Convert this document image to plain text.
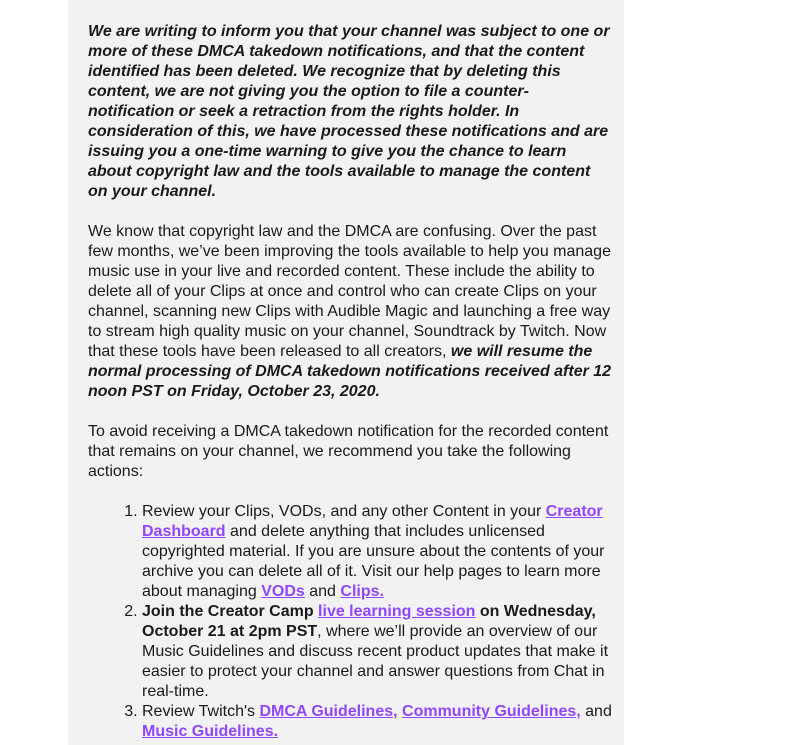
We are writing to inform you that your channel was subject to one or more of these DMCA takedown notifications, and that the content identified has been deleted. We recognize that by deleting this content, we are not giving you the option to file a counter-notification or seek a retraction from the rights holder. In consideration of this, we have processed these notifications and are issuing you a one-time warning to give you the chance to learn about copyright law and the tools available to manage the content on your channel.

We know that copyright law and the DMCA are confusing. Over the past few months, we’ve been improving the tools available to help you manage music use in your live and recorded content. These include the ability to delete all of your Clips at once and control who can create Clips on your channel, scanning new Clips with Audible Magic and launching a free way to stream high quality music on your channel, Soundtrack by Twitch. Now that these tools have been released to all creators, we will resume the normal processing of DMCA takedown notifications received after 12 noon PST on Friday, October 23, 2020.

To avoid receiving a DMCA takedown notification for the recorded content that remains on your channel, we recommend you take the following actions:

1. Review your Clips, VODs, and any other Content in your Creator Dashboard and delete anything that includes unlicensed copyrighted material. If you are unsure about the contents of your archive you can delete all of it. Visit our help pages to learn more about managing VODs and Clips.
2. Join the Creator Camp live learning session on Wednesday, October 21 at 2pm PST, where we’ll provide an overview of our Music Guidelines and discuss recent product updates that make it easier to protect your channel and answer questions from Chat in real-time.
3. Review Twitch's DMCA Guidelines, Community Guidelines, and Music Guidelines.
